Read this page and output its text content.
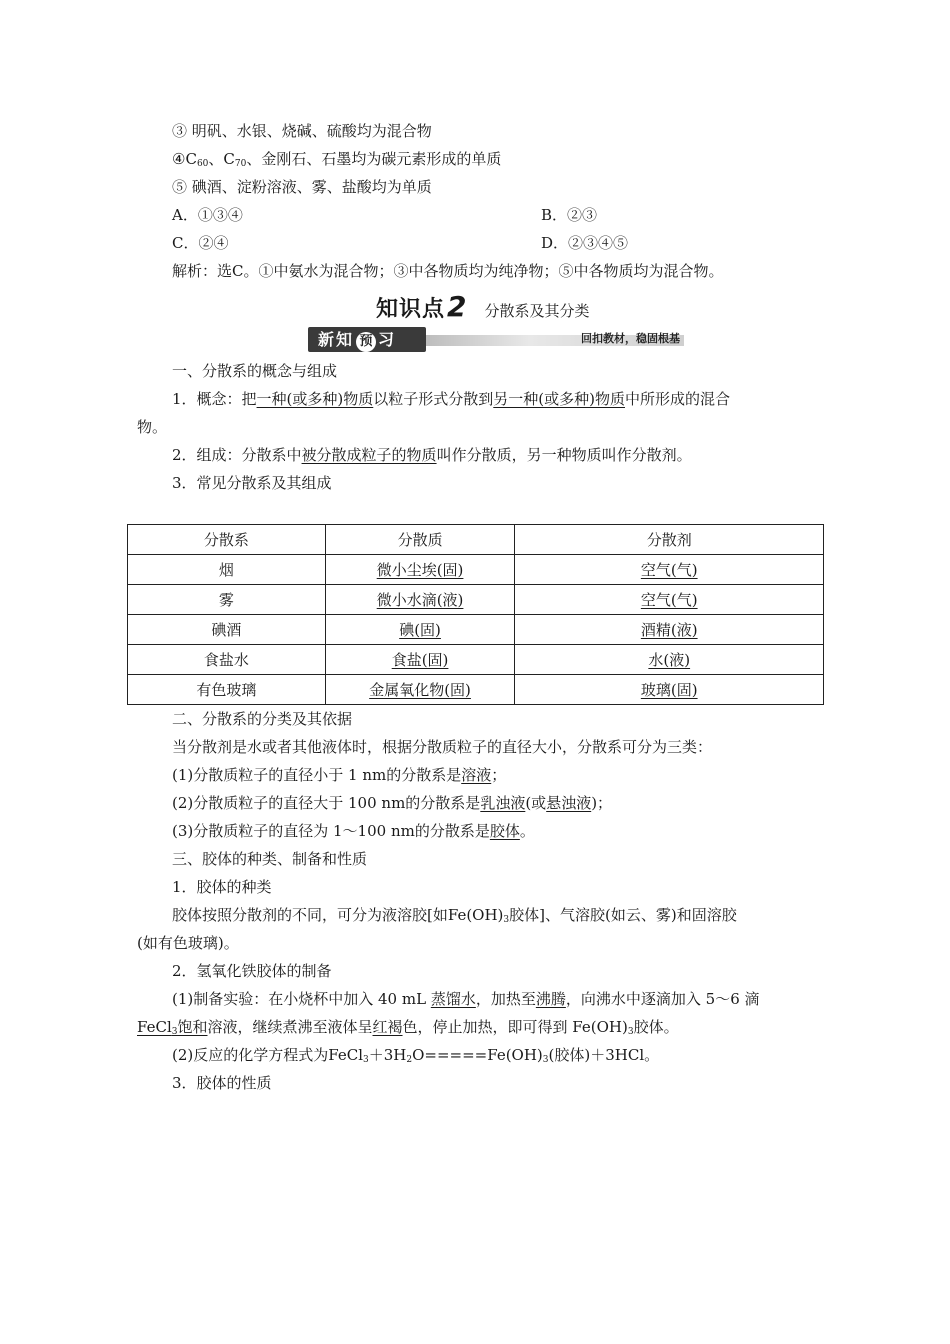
③ 明矾、水银、烧碱、硫酸均为混合物
$④C_{60}$、$C_{70}$、金刚石、石墨均为碳元素形成的单质
⑤ 碘酒、淀粉溶液、雾、盐酸均为单质
A．①③④	B．②③
C．②④	D．②③④⑤
解析：选C。①中氨水为混合物；③中各物质均为纯净物；⑤中各物质均为混合物。
知识点 2 分散系及其分类
新知 预 习	回扣教材，稳固根基
一、分散系的概念与组成
1．概念：把一种(或多种)物质以粒子形式分散到另一种(或多种)物质中所形成的混合
物。
2．组成：分散系中被分散成粒子的物质叫作分散质，另一种物质叫作分散剂。
3．常见分散系及其组成
分散系	分散质	分散剂
烟	微小尘埃(固)	空气(气)
雾	微小水滴(液)	空气(气)
碘酒	碘(固)	酒精(液)
食盐水	食盐(固)	水(液)
有色玻璃	金属氧化物(固)	玻璃(固)
二、分散系的分类及其依据
当分散剂是水或者其他液体时，根据分散质粒子的直径大小，分散系可分为三类：
(1)分散质粒子的直径小于 1 nm的分散系是溶液；
(2)分散质粒子的直径大于 100 nm的分散系是乳浊液(或悬浊液)；
(3)分散质粒子的直径为 1～100 nm的分散系是胶体。
三、胶体的种类、制备和性质
1．胶体的种类
胶体按照分散剂的不同，可分为液溶胶[如$Fe(OH)_3$胶体]、气溶胶(如云、雾)和固溶胶
(如有色玻璃)。
2．氢氧化铁胶体的制备
(1)制备实验：在小烧杯中加入 40 mL 蒸馏水，加热至沸腾，向沸水中逐滴加入 5～6 滴
FeCl$_3$饱和溶液，继续煮沸至液体呈红褐色，停止加热，即可得到 $Fe(OH)_3$胶体。
(2)反应的化学方程式为$FeCl_3+3H_2O=====Fe(OH)_3$(胶体)＋3HCl。
3．胶体的性质
